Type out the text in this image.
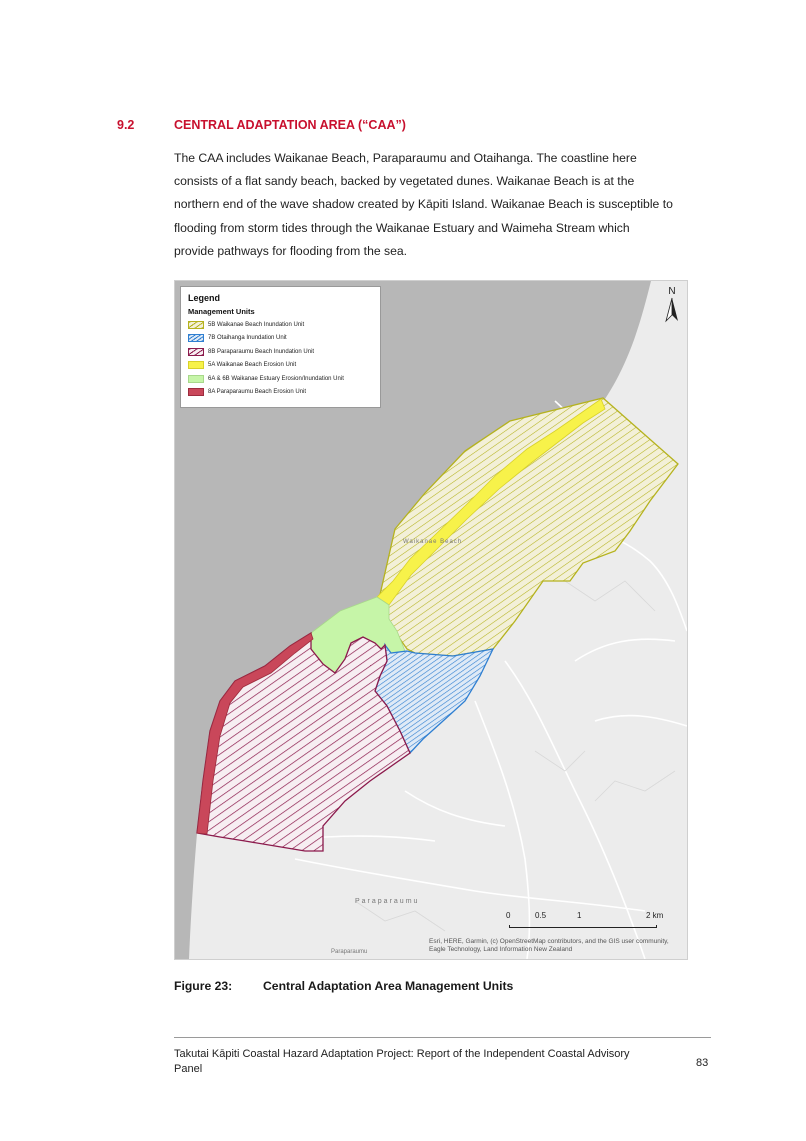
9.2	CENTRAL ADAPTATION AREA (“CAA”)
The CAA includes Waikanae Beach, Paraparaumu and Otaihanga. The coastline here
consists of a flat sandy beach, backed by vegetated dunes. Waikanae Beach is at the
northern end of the wave shadow created by Kāpiti Island. Waikanae Beach is susceptible to
flooding from storm tides through the Waikanae Estuary and Waimeha Stream which
provide pathways for flooding from the sea.
Waikanae Beach
Paraparaumu
Paraparaumu
Legend
Management Units
5B Waikanae Beach Inundation Unit
7B Otaihanga Inundation Unit
8B Paraparaumu Beach Inundation Unit
5A Waikanae Beach Erosion Unit
6A & 6B Waikanae Estuary Erosion/Inundation Unit
8A Paraparaumu Beach Erosion Unit
N
0	0.5	1	2 km
Esri, HERE, Garmin, (c) OpenStreetMap contributors, and the GIS user community, Eagle Technology, Land Information New Zealand
Figure 23:	Central Adaptation Area Management Units
Takutai Kāpiti Coastal Hazard Adaptation Project: Report of the Independent Coastal Advisory Panel	83
